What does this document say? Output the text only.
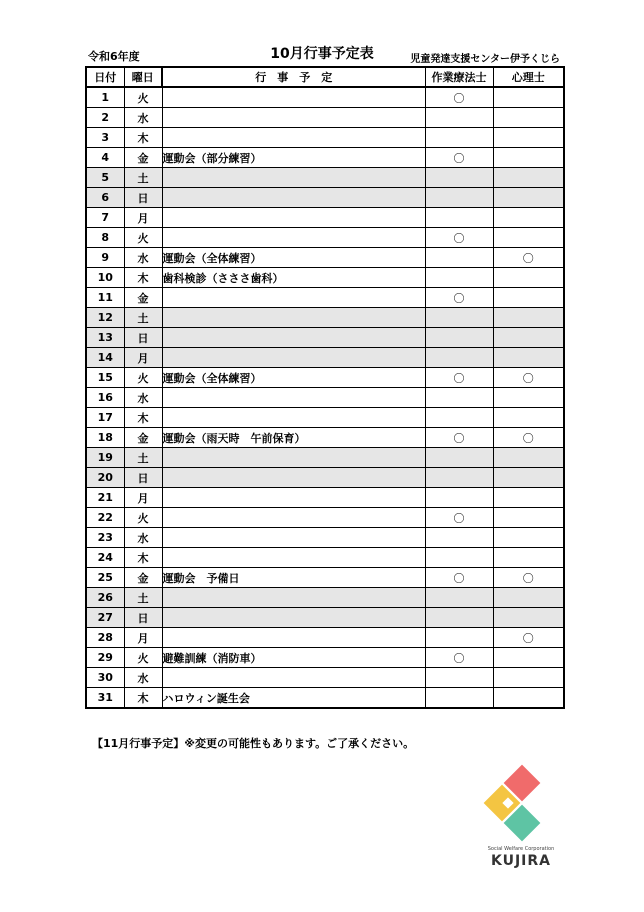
令和6年度	10月行事予定表	児童発達支援センター伊予くじら
日付	曜日	行　事　予　定	作業療法士	心理士
1	火		〇	
2	水			
3	木			
4	金	運動会（部分練習）	〇	
5	土			
6	日			
7	月			
8	火		〇	
9	水	運動会（全体練習）		〇
10	木	歯科検診（さささ歯科）		
11	金		〇	
12	土			
13	日			
14	月			
15	火	運動会（全体練習）	〇	〇
16	水			
17	木			
18	金	運動会（雨天時　午前保育）	〇	〇
19	土			
20	日			
21	月			
22	火		〇	
23	水			
24	木			
25	金	運動会　予備日	〇	〇
26	土			
27	日			
28	月			〇
29	火	避難訓練（消防車）	〇	
30	水			
31	木	ハロウィン誕生会		
【11月行事予定】※変更の可能性もあります。ご了承ください。
Social Welfare Corporation
KUJIRA
